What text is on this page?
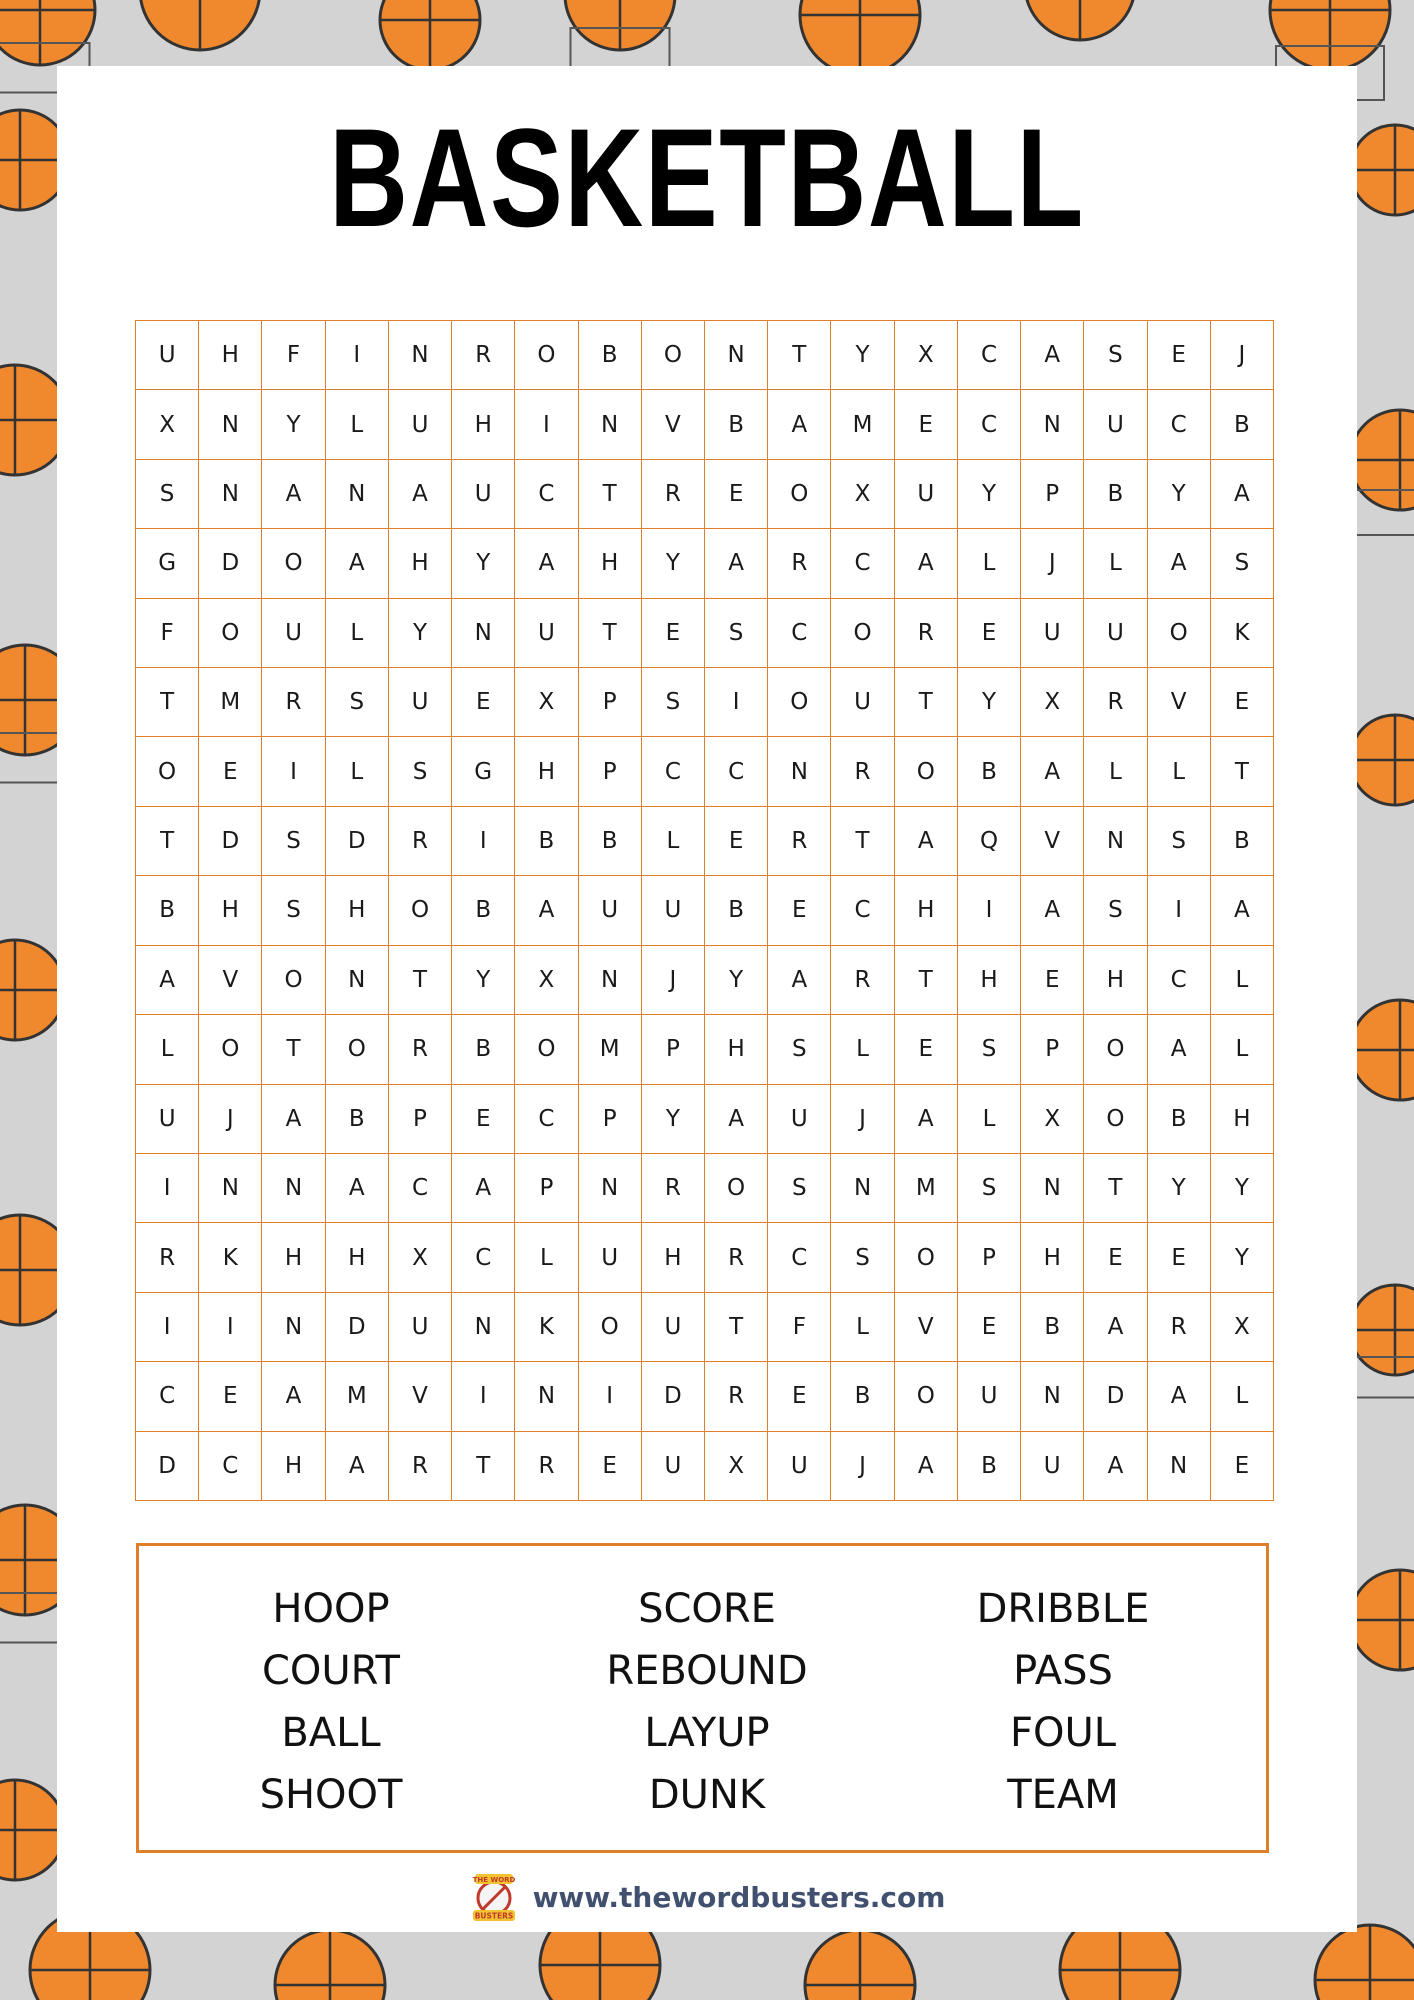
BASKETBALL
U	H	F	I	N	R	O	B	O	N	T	Y	X	C	A	S	E	J
X	N	Y	L	U	H	I	N	V	B	A	M	E	C	N	U	C	B
S	N	A	N	A	U	C	T	R	E	O	X	U	Y	P	B	Y	A
G	D	O	A	H	Y	A	H	Y	A	R	C	A	L	J	L	A	S
F	O	U	L	Y	N	U	T	E	S	C	O	R	E	U	U	O	K
T	M	R	S	U	E	X	P	S	I	O	U	T	Y	X	R	V	E
O	E	I	L	S	G	H	P	C	C	N	R	O	B	A	L	L	T
T	D	S	D	R	I	B	B	L	E	R	T	A	Q	V	N	S	B
B	H	S	H	O	B	A	U	U	B	E	C	H	I	A	S	I	A
A	V	O	N	T	Y	X	N	J	Y	A	R	T	H	E	H	C	L
L	O	T	O	R	B	O	M	P	H	S	L	E	S	P	O	A	L
U	J	A	B	P	E	C	P	Y	A	U	J	A	L	X	O	B	H
I	N	N	A	C	A	P	N	R	O	S	N	M	S	N	T	Y	Y
R	K	H	H	X	C	L	U	H	R	C	S	O	P	H	E	E	Y
I	I	N	D	U	N	K	O	U	T	F	L	V	E	B	A	R	X
C	E	A	M	V	I	N	I	D	R	E	B	O	U	N	D	A	L
D	C	H	A	R	T	R	E	U	X	U	J	A	B	U	A	N	E
HOOP
COURT
BALL
SHOOT
SCORE
REBOUND
LAYUP
DUNK
DRIBBLE
PASS
FOUL
TEAM
THE WORD
BUSTERS
www.thewordbusters.com
